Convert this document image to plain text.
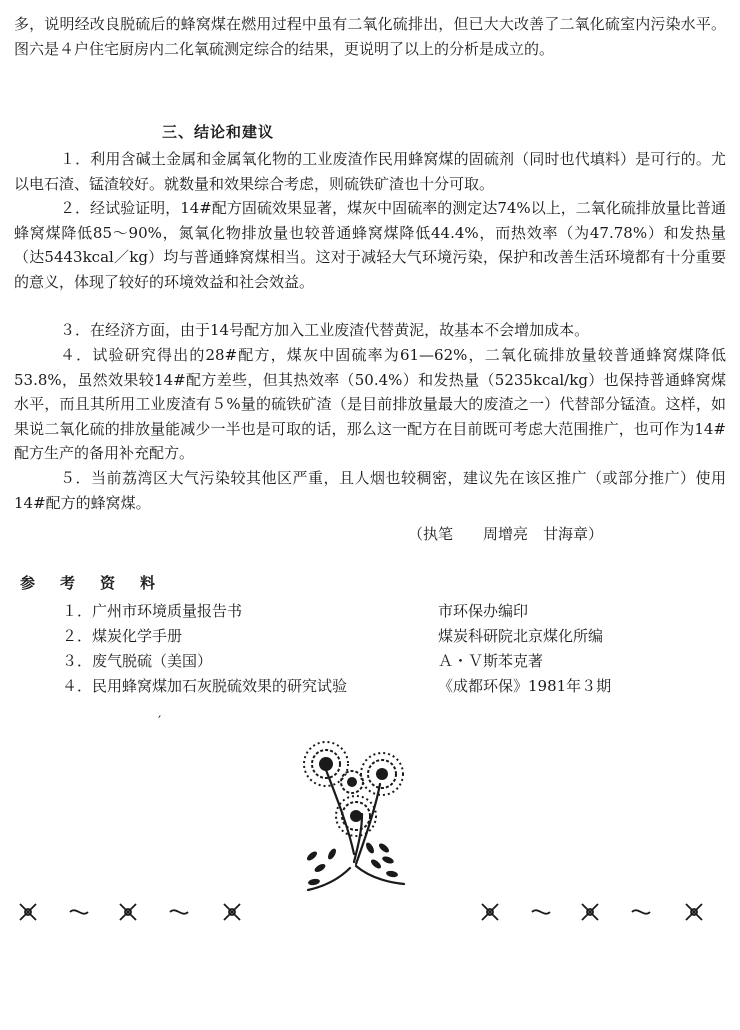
多，说明经改良脱硫后的蜂窝煤在燃用过程中虽有二氧化硫排出，但已大大改善了二氧化硫室内污染水平。图六是４户住宅厨房内二化氧硫测定综合的结果，更说明了以上的分析是成立的。

三、结论和建议

１．利用含碱土金属和金属氧化物的工业废渣作民用蜂窝煤的固硫剂（同时也代填料）是可行的。尤以电石渣、锰渣较好。就数量和效果综合考虑，则硫铁矿渣也十分可取。

２．经试验证明，14#配方固硫效果显著，煤灰中固硫率的测定达74%以上，二氧化硫排放量比普通蜂窝煤降低85～90%，氮氧化物排放量也较普通蜂窝煤降低44.4%，而热效率（为47.78%）和发热量（达5443kcal／kg）均与普通蜂窝煤相当。这对于减轻大气环境污染，保护和改善生活环境都有十分重要的意义，体现了较好的环境效益和社会效益。

３．在经济方面，由于14号配方加入工业废渣代替黄泥，故基本不会增加成本。

４．试验研究得出的28#配方，煤灰中固硫率为61—62%，二氧化硫排放量较普通蜂窝煤降低53.8%，虽然效果较14#配方差些，但其热效率（50.4%）和发热量（5235kcal/kg）也保持普通蜂窝煤水平，而且其所用工业废渣有５%量的硫铁矿渣（是目前排放量最大的废渣之一）代替部分锰渣。这样，如果说二氧化硫的排放量能减少一半也是可取的话，那么这一配方在目前既可考虑大范围推广，也可作为14#配方生产的备用补充配方。

５．当前荔湾区大气污染较其他区严重，且人烟也较稠密，建议先在该区推广（或部分推广）使用14#配方的蜂窝煤。

（执笔　　周增亮　甘海章）
参考资料
１．广州市环境质量报告书	市环保办编印
２．煤炭化学手册	煤炭科研院北京煤化所编
３．废气脱硫（美国）	Ａ・Ｖ斯苯克著
４．民用蜂窝煤加石灰脱硫效果的研究试验	《成都环保》1981年３期
′
